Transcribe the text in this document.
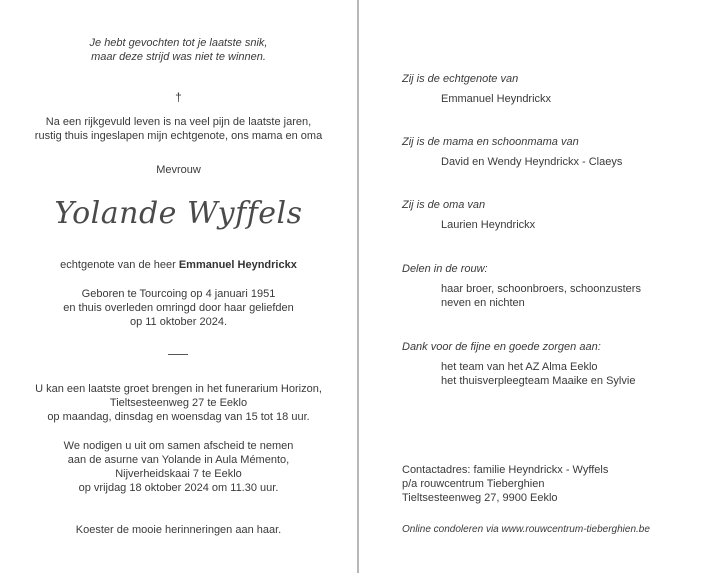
Je hebt gevochten tot je laatste snik,
maar deze strijd was niet te winnen.
†
Na een rijkgevuld leven is na veel pijn de laatste jaren,
rustig thuis ingeslapen mijn echtgenote, ons mama en oma
Mevrouw
Yolande Wyffels
echtgenote van de heer Emmanuel Heyndrickx
Geboren te Tourcoing op 4 januari 1951
en thuis overleden omringd door haar geliefden
op 11 oktober 2024.
U kan een laatste groet brengen in het funerarium Horizon,
Tieltsesteenweg 27 te Eeklo
op maandag, dinsdag en woensdag van 15 tot 18 uur.
We nodigen u uit om samen afscheid te nemen
aan de asurne van Yolande in Aula Mémento,
Nijverheidskaai 7 te Eeklo
op vrijdag 18 oktober 2024 om 11.30 uur.
Koester de mooie herinneringen aan haar.
Zij is de echtgenote van
Emmanuel Heyndrickx
Zij is de mama en schoonmama van
David en Wendy Heyndrickx - Claeys
Zij is de oma van
Laurien Heyndrickx
Delen in de rouw:
haar broer, schoonbroers, schoonzusters
neven en nichten
Dank voor de fijne en goede zorgen aan:
het team van het AZ Alma Eeklo
het thuisverpleegteam Maaike en Sylvie
Contactadres: familie Heyndrickx - Wyffels
p/a rouwcentrum Tieberghien
Tieltsesteenweg 27, 9900 Eeklo
Online condoleren via www.rouwcentrum-tieberghien.be
